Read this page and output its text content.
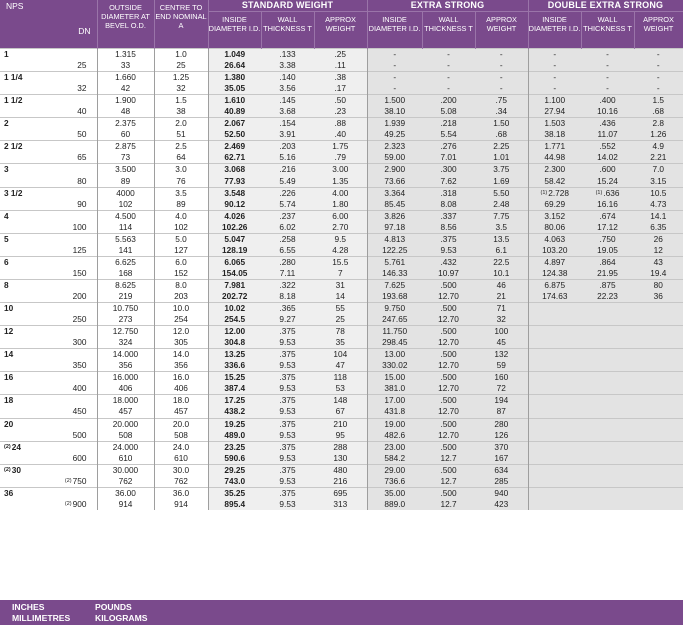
NPS
DN	OUTSIDE DIAMETER AT BEVEL O.D.	CENTRE TO END NOMINAL A	STANDARD WEIGHT			EXTRA STRONG			DOUBLE EXTRA STRONG		
			INSIDE DIAMETER I.D.	WALL THICKNESS T	APPROX WEIGHT	INSIDE DIAMETER I.D.	WALL THICKNESS T	APPROX WEIGHT	INSIDE DIAMETER I.D.	WALL THICKNESS T	APPROX WEIGHT
1	1.315	1.0	1.049	.133	.25	-	-	-	-	-	-
25	33	25	26.64	3.38	.11	-	-	-	-	-	-
1 1/4	1.660	1.25	1.380	.140	.38	-	-	-	-	-	-
32	42	32	35.05	3.56	.17	-	-	-	-	-	-
1 1/2	1.900	1.5	1.610	.145	.50	1.500	.200	.75	1.100	.400	1.5
40	48	38	40.89	3.68	.23	38.10	5.08	.34	27.94	10.16	.68
2	2.375	2.0	2.067	.154	.88	1.939	.218	1.50	1.503	.436	2.8
50	60	51	52.50	3.91	.40	49.25	5.54	.68	38.18	11.07	1.26
2 1/2	2.875	2.5	2.469	.203	1.75	2.323	.276	2.25	1.771	.552	4.9
65	73	64	62.71	5.16	.79	59.00	7.01	1.01	44.98	14.02	2.21
3	3.500	3.0	3.068	.216	3.00	2.900	.300	3.75	2.300	.600	7.0
80	89	76	77.93	5.49	1.35	73.66	7.62	1.69	58.42	15.24	3.15
3 1/2	4000	3.5	3.548	.226	4.00	3.364	.318	5.50	$^{(1)}$2.728	$^{(1)}$.636	10.5
90	102	89	90.12	5.74	1.80	85.45	8.08	2.48	69.29	16.16	4.73
4	4.500	4.0	4.026	.237	6.00	3.826	.337	7.75	3.152	.674	14.1
100	114	102	102.26	6.02	2.70	97.18	8.56	3.5	80.06	17.12	6.35
5	5.563	5.0	5.047	.258	9.5	4.813	.375	13.5	4.063	.750	26
125	141	127	128.19	6.55	4.28	122.25	9.53	6.1	103.20	19.05	12
6	6.625	6.0	6.065	.280	15.5	5.761	.432	22.5	4.897	.864	43
150	168	152	154.05	7.11	7	146.33	10.97	10.1	124.38	21.95	19.4
8	8.625	8.0	7.981	.322	31	7.625	.500	46	6.875	.875	80
200	219	203	202.72	8.18	14	193.68	12.70	21	174.63	22.23	36
10	10.750	10.0	10.02	.365	55	9.750	.500	71			
250	273	254	254.5	9.27	25	247.65	12.70	32			
12	12.750	12.0	12.00	.375	78	11.750	.500	100			
300	324	305	304.8	9.53	35	298.45	12.70	45			
14	14.000	14.0	13.25	.375	104	13.00	.500	132			
350	356	356	336.6	9.53	47	330.02	12.70	59			
16	16.000	16.0	15.25	.375	118	15.00	.500	160			
400	406	406	387.4	9.53	53	381.0	12.70	72			
18	18.000	18.0	17.25	.375	148	17.00	.500	194			
450	457	457	438.2	9.53	67	431.8	12.70	87			
20	20.000	20.0	19.25	.375	210	19.00	.500	280			
500	508	508	489.0	9.53	95	482.6	12.70	126			
$^{(2)}$24	24.000	24.0	23.25	.375	288	23.00	.500	370			
600	610	610	590.6	9.53	130	584.2	12.7	167			
$^{(2)}$30	30.000	30.0	29.25	.375	480	29.00	.500	634			
$^{(2)}$750	762	762	743.0	9.53	216	736.6	12.7	285			
36	36.00	36.0	35.25	.375	695	35.00	.500	940			
$^{(2)}$900	914	914	895.4	9.53	313	889.0	12.7	423			
INCHES
MILLIMETRES
POUNDS
KILOGRAMS
